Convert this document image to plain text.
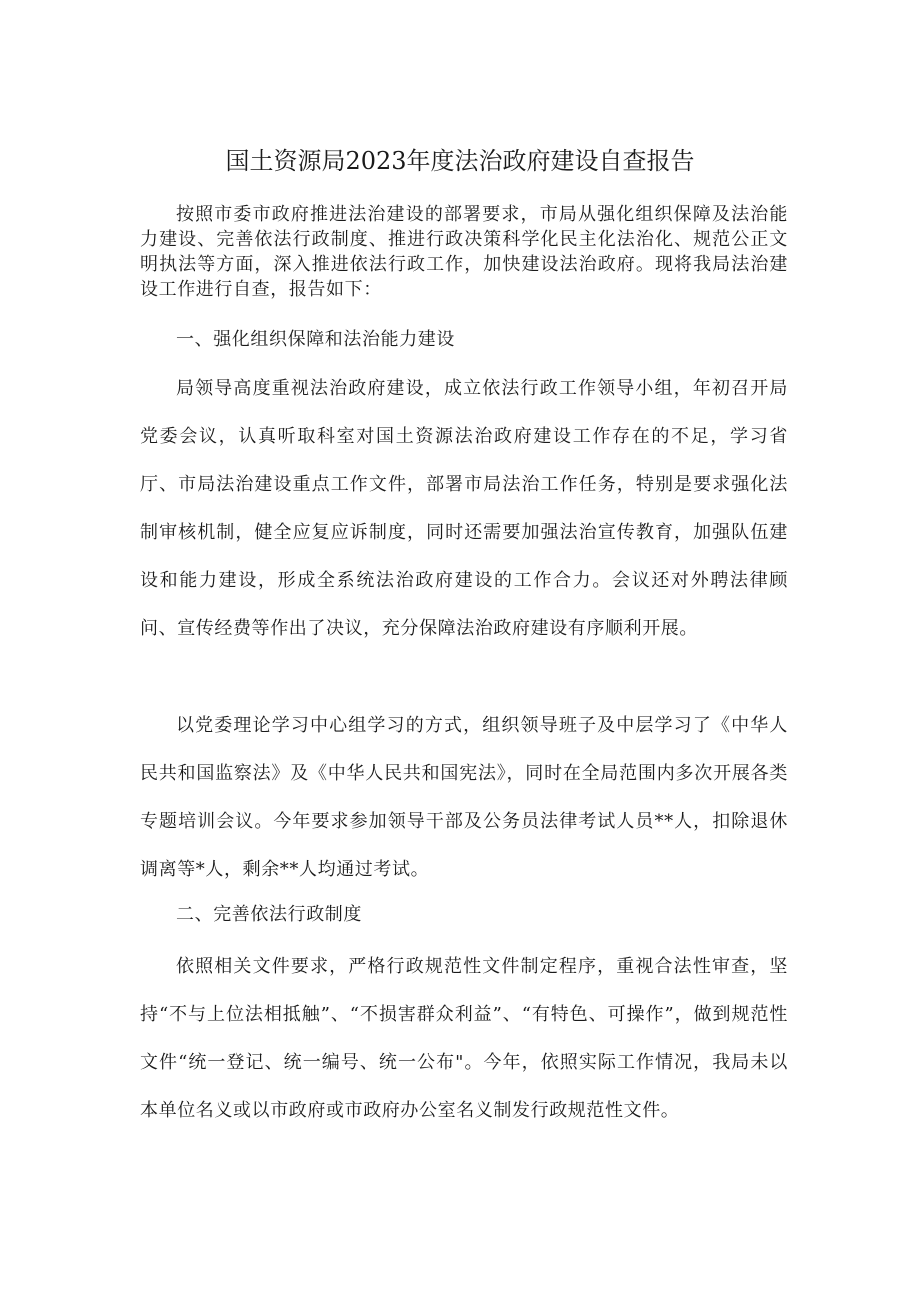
国土资源局2023年度法治政府建设自查报告

按照市委市政府推进法治建设的部署要求，市局从强化组织保障及法治能力建设、完善依法行政制度、推进行政决策科学化民主化法治化、规范公正文明执法等方面，深入推进依法行政工作，加快建设法治政府。现将我局法治建设工作进行自查，报告如下：

一、强化组织保障和法治能力建设

局领导高度重视法治政府建设，成立依法行政工作领导小组，年初召开局党委会议，认真听取科室对国土资源法治政府建设工作存在的不足，学习省厅、市局法治建设重点工作文件，部署市局法治工作任务，特别是要求强化法制审核机制，健全应复应诉制度，同时还需要加强法治宣传教育，加强队伍建设和能力建设，形成全系统法治政府建设的工作合力。会议还对外聘法律顾问、宣传经费等作出了决议，充分保障法治政府建设有序顺利开展。

以党委理论学习中心组学习的方式，组织领导班子及中层学习了《中华人民共和国监察法》及《中华人民共和国宪法》，同时在全局范围内多次开展各类专题培训会议。今年要求参加领导干部及公务员法律考试人员**人，扣除退休调离等*人，剩余**人均通过考试。

二、完善依法行政制度

依照相关文件要求，严格行政规范性文件制定程序，重视合法性审查，坚持“不与上位法相抵触”、“不损害群众利益”、“有特色、可操作”，做到规范性文件“统一登记、统一编号、统一公布"。今年，依照实际工作情况，我局未以本单位名义或以市政府或市政府办公室名义制发行政规范性文件。
